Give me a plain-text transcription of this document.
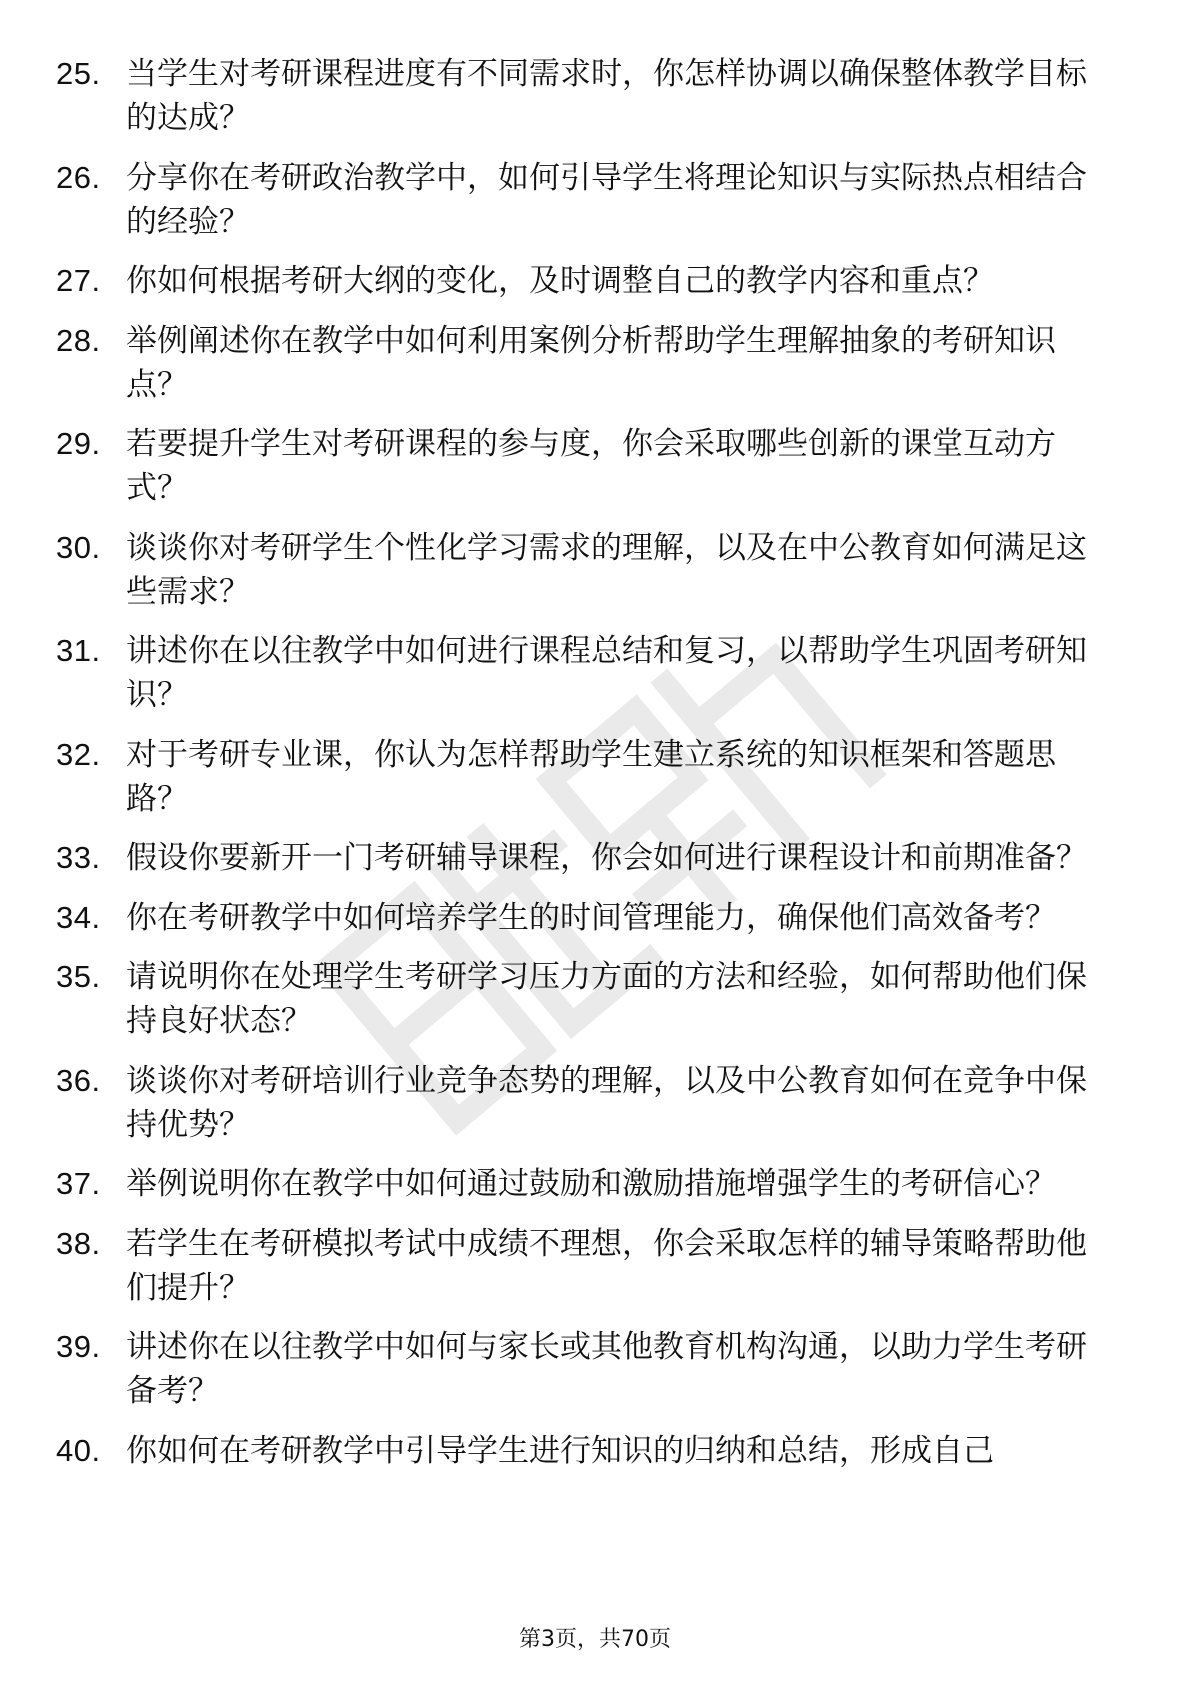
25. 当学生对考研课程进度有不同需求时，你怎样协调以确保整体教学目标的达成？
26. 分享你在考研政治教学中，如何引导学生将理论知识与实际热点相结合的经验？
27. 你如何根据考研大纲的变化，及时调整自己的教学内容和重点？
28. 举例阐述你在教学中如何利用案例分析帮助学生理解抽象的考研知识点？
29. 若要提升学生对考研课程的参与度，你会采取哪些创新的课堂互动方式？
30. 谈谈你对考研学生个性化学习需求的理解，以及在中公教育如何满足这些需求？
31. 讲述你在以往教学中如何进行课程总结和复习，以帮助学生巩固考研知识？
32. 对于考研专业课，你认为怎样帮助学生建立系统的知识框架和答题思路？
33. 假设你要新开一门考研辅导课程，你会如何进行课程设计和前期准备？
34. 你在考研教学中如何培养学生的时间管理能力，确保他们高效备考？
35. 请说明你在处理学生考研学习压力方面的方法和经验，如何帮助他们保持良好状态？
36. 谈谈你对考研培训行业竞争态势的理解，以及中公教育如何在竞争中保持优势？
37. 举例说明你在教学中如何通过鼓励和激励措施增强学生的考研信心？
38. 若学生在考研模拟考试中成绩不理想，你会采取怎样的辅导策略帮助他们提升？
39. 讲述你在以往教学中如何与家长或其他教育机构沟通，以助力学生考研备考？
40. 你如何在考研教学中引导学生进行知识的归纳和总结，形成自己
第3页，共70页
